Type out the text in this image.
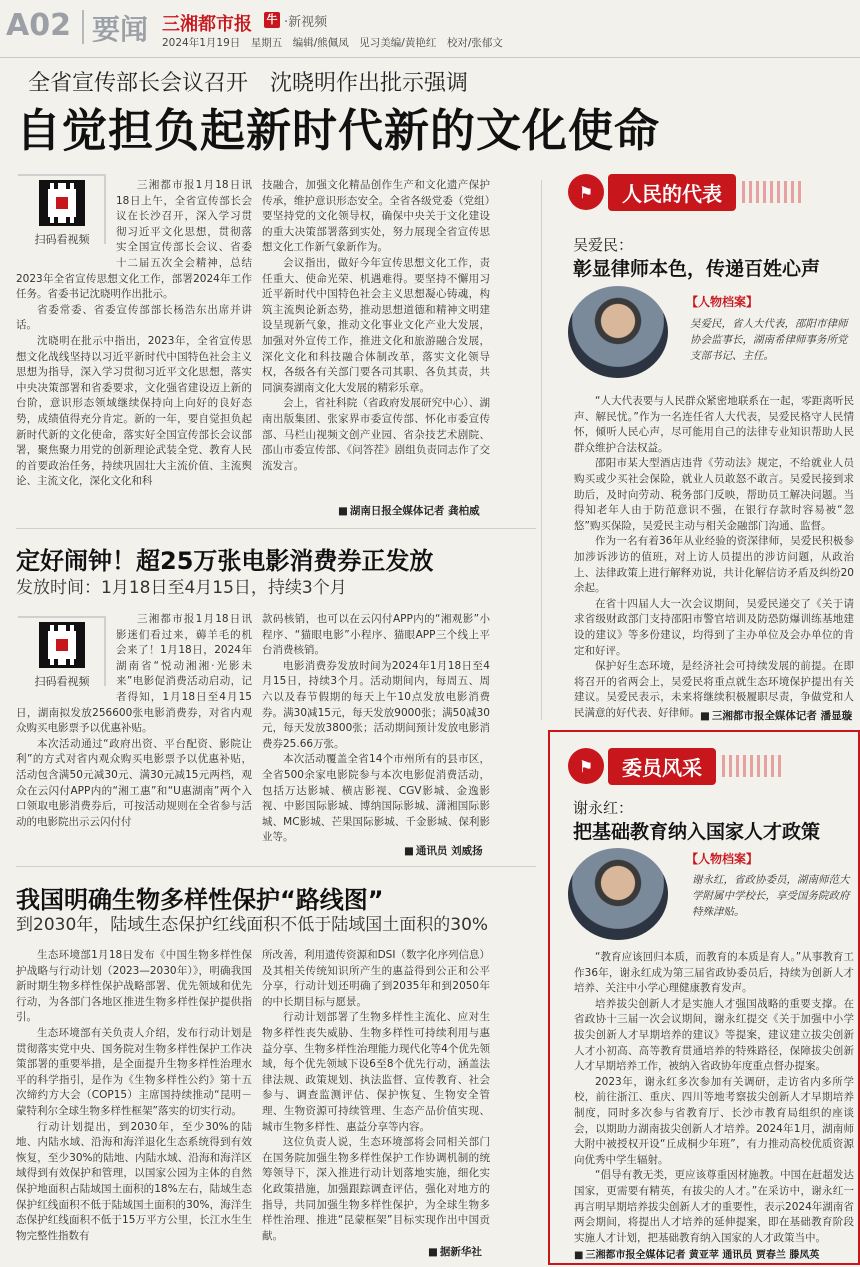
A02 要闻 三湘都市报 牛 ·新视频
2024年1月19日　星期五　编辑/熊佩凤　见习美编/黄艳红　校对/张郁文
全省宣传部长会议召开　沈晓明作出批示强调
自觉担负起新时代新的文化使命
扫码看视频

三湘都市报1月18日讯 18日上午，全省宣传部长会议在长沙召开，深入学习贯彻习近平文化思想，贯彻落实全国宣传部长会议、省委十二届五次全会精神，总结2023年全省宣传思想文化工作，部署2024年工作任务。省委书记沈晓明作出批示。

省委常委、省委宣传部部长杨浩东出席并讲话。

沈晓明在批示中指出，2023年，全省宣传思想文化战线坚持以习近平新时代中国特色社会主义思想为指导，深入学习贯彻习近平文化思想，落实中央决策部署和省委要求，文化强省建设迈上新的台阶，意识形态领域继续保持向上向好的良好态势，成绩值得充分肯定。新的一年，要自觉担负起新时代新的文化使命，落实好全国宣传部长会议部署，聚焦聚力用党的创新理论武装全党、教育人民的首要政治任务，持续巩固壮大主流价值、主流舆论、主流文化，深化文化和科

技融合，加强文化精品创作生产和文化遗产保护传承，维护意识形态安全。全省各级党委（党组）要坚持党的文化领导权，确保中央关于文化建设的重大决策部署落到实处，努力展现全省宣传思想文化工作新气象新作为。

会议指出，做好今年宣传思想文化工作，责任重大、使命光荣、机遇难得。要坚持不懈用习近平新时代中国特色社会主义思想凝心铸魂，构筑主流舆论新态势，推动思想道德和精神文明建设呈现新气象，推动文化事业文化产业大发展，加强对外宣传工作，推进文化和旅游融合发展，深化文化和科技融合体制改革，落实文化领导权，各级各有关部门要各司其职、各负其责，共同演奏湖南文化大发展的精彩乐章。

会上，省社科院（省政府发展研究中心）、湖南出版集团、张家界市委宣传部、怀化市委宣传部、马栏山视频文创产业园、省杂技艺术剧院、邵山市委宣传部、《问答茬》剧组负责同志作了交流发言。

■ 湖南日报全媒体记者 龚柏威
定好闹钟！超25万张电影消费券正发放
发放时间：1月18日至4月15日，持续3个月
扫码看视频

三湘都市报1月18日讯 影迷们看过来，薅羊毛的机会来了！1月18日，2024年湖南省“悦动湘湘·光影未来”电影促消费活动启动，记者得知，1月18日至4月15日，湖南拟发放256600张电影消费券，对省内观众购买电影票予以优惠补贴。

本次活动通过“政府出资、平台配资、影院让利”的方式对省内观众购买电影票予以优惠补贴，活动包含满50元减30元、满30元减15元两档，观众在云闪付APP内的“湘工惠”和“U惠湖南”两个入口领取电影消费券后，可按活动规则在全省参与活动的电影院出示云闪付付

款码核销，也可以在云闪付APP内的“湘观影”小程序、“猫眼电影”小程序、猫眼APP三个线上平台消费核销。

电影消费券发放时间为2024年1月18日至4月15日，持续3个月。活动期间内，每周五、周六以及春节假期的每天上午10点发放电影消费券。满30减15元，每天发放9000张；满50减30元，每天发放3800张；活动期间预计发放电影消费券25.66万张。

本次活动覆盖全省14个市州所有的县市区，全省500余家电影院参与本次电影促消费活动，包括万达影城、横店影视、CGV影城、金逸影视、中影国际影城、博纳国际影城、潇湘国际影城、MC影城、芒果国际影城、千金影城、保利影业等。

■ 通讯员 刘威扬
我国明确生物多样性保护“路线图”
到2030年，陆域生态保护红线面积不低于陆域国土面积的30%

生态环境部1月18日发布《中国生物多样性保护战略与行动计划（2023—2030年）》，明确我国新时期生物多样性保护战略部署、优先领域和优先行动，为各部门各地区推进生物多样性保护提供指引。

生态环境部有关负责人介绍，发布行动计划是贯彻落实党中央、国务院对生物多样性保护工作决策部署的重要举措，是全面提升生物多样性治理水平的科学指引，是作为《生物多样性公约》第十五次缔约方大会（COP15）主席国持续推动“昆明－蒙特利尔全球生物多样性框架”落实的切实行动。

行动计划提出，到2030年，至少30%的陆地、内陆水域、沿海和海洋退化生态系统得到有效恢复，至少30%的陆地、内陆水域、沿海和海洋区域得到有效保护和管理，以国家公园为主体的自然保护地面积占陆域国土面积的18%左右，陆域生态保护红线面积不低于陆域国土面积的30%，海洋生态保护红线面积不低于15万平方公里，长江水生生物完整性指数有

所改善，利用遗传资源和DSI（数字化序列信息）及其相关传统知识所产生的惠益得到公正和公平分享，行动计划还明确了到2035年和到2050年的中长期目标与愿景。

行动计划部署了生物多样性主流化、应对生物多样性丧失威胁、生物多样性可持续利用与惠益分享、生物多样性治理能力现代化等4个优先领域，每个优先领域下设6至8个优先行动，涵盖法律法规、政策规划、执法监督、宣传教育、社会参与、调查监测评估、保护恢复、生物安全管理、生物资源可持续管理、生态产品价值实现、城市生物多样性、惠益分享等内容。

这位负责人说，生态环境部将会同相关部门在国务院加强生物多样性保护工作协调机制的统筹领导下，深入推进行动计划落地实施，细化实化政策措施，加强跟踪调查评估，强化对地方的指导，共同加强生物多样性保护，为全球生物多样性治理、推进“昆蒙框架”目标实现作出中国贡献。

■ 据新华社
⚑	人民的代表
吴爱民：
彰显律师本色，传递百姓心声
【人物档案】
吴爱民，省人大代表，邵阳市律师协会监事长，湖南希律师事务所党支部书记、主任。

“人大代表要与人民群众紧密地联系在一起，零距离听民声、解民忧。”作为一名连任省人大代表，吴爱民格守人民情怀，倾听人民心声，尽可能用自己的法律专业知识帮助人民群众维护合法权益。

邵阳市某大型酒店违背《劳动法》规定，不给就业人员购买或少买社会保险，就业人员敢怒不敢言。吴爱民接到求助后，及时向劳动、税务部门反映，帮助员工解决问题。当得知老年人由于防范意识不强，在银行存款时容易被“忽悠”购买保险，吴爱民主动与相关金融部门沟通、监督。

作为一名有着36年从业经验的资深律师，吴爱民积极参加涉诉涉访的值班，对上访人员提出的涉访问题，从政治上、法律政策上进行解释劝说，共计化解信访矛盾及纠纷20余起。

在省十四届人大一次会议期间，吴爱民递交了《关于请求省级财政部门支持邵阳市警官培训及防恐防爆训练基地建设的建议》等多份建议，均得到了主办单位及会办单位的肯定和好评。

保护好生态环境，是经济社会可持续发展的前提。在即将召开的省两会上，吴爱民将重点就生态环境保护提出有关建议。吴爱民表示，未来将继续积极履职尽责，争做党和人民满意的好代表、好律师。

■	三湘都市报全媒体记者 潘显璇
⚑	委员风采
谢永红：
把基础教育纳入国家人才政策
【人物档案】
谢永红，省政协委员，湖南师范大学附属中学校长，享受国务院政府特殊津贴。

“教育应该回归本质，而教育的本质是育人。”从事教育工作36年，谢永红成为第三届省政协委员后，持续为创新人才培养、关注中小学心理健康教育发声。

培养拔尖创新人才是实施人才强国战略的重要支撑。在省政协十三届一次会议期间，谢永红提交《关于加强中小学拔尖创新人才早期培养的建议》等提案，建议建立拔尖创新人才小初高、高等教育贯通培养的特殊路径，保障拔尖创新人才早期培养工作，被纳入省政协年度重点督办提案。

2023年，谢永红多次参加有关调研，走访省内多所学校，前往浙江、重庆、四川等地考察拔尖创新人才早期培养制度，同时多次参与省教育厅、长沙市教育局组织的座谈会，以期助力湖南拔尖创新人才培养。2024年1月，湖南师大附中被授权开设“丘成桐少年班”，有力推动高校优质资源向优秀中学生辐射。

“倡导有教无类，更应该尊重因材施教。中国在赶超发达国家，更需要有精英，有拔尖的人才。”在采访中，谢永红一再言明早期培养拔尖创新人才的重要性，表示2024年湖南省两会期间，将提出人才培养的延伸提案，即在基础教育阶段实施人才计划，把基础教育纳入国家的人才政策当中。

■ 三湘都市报全媒体记者 黄亚苹 通讯员 贾春兰 滕凤英
